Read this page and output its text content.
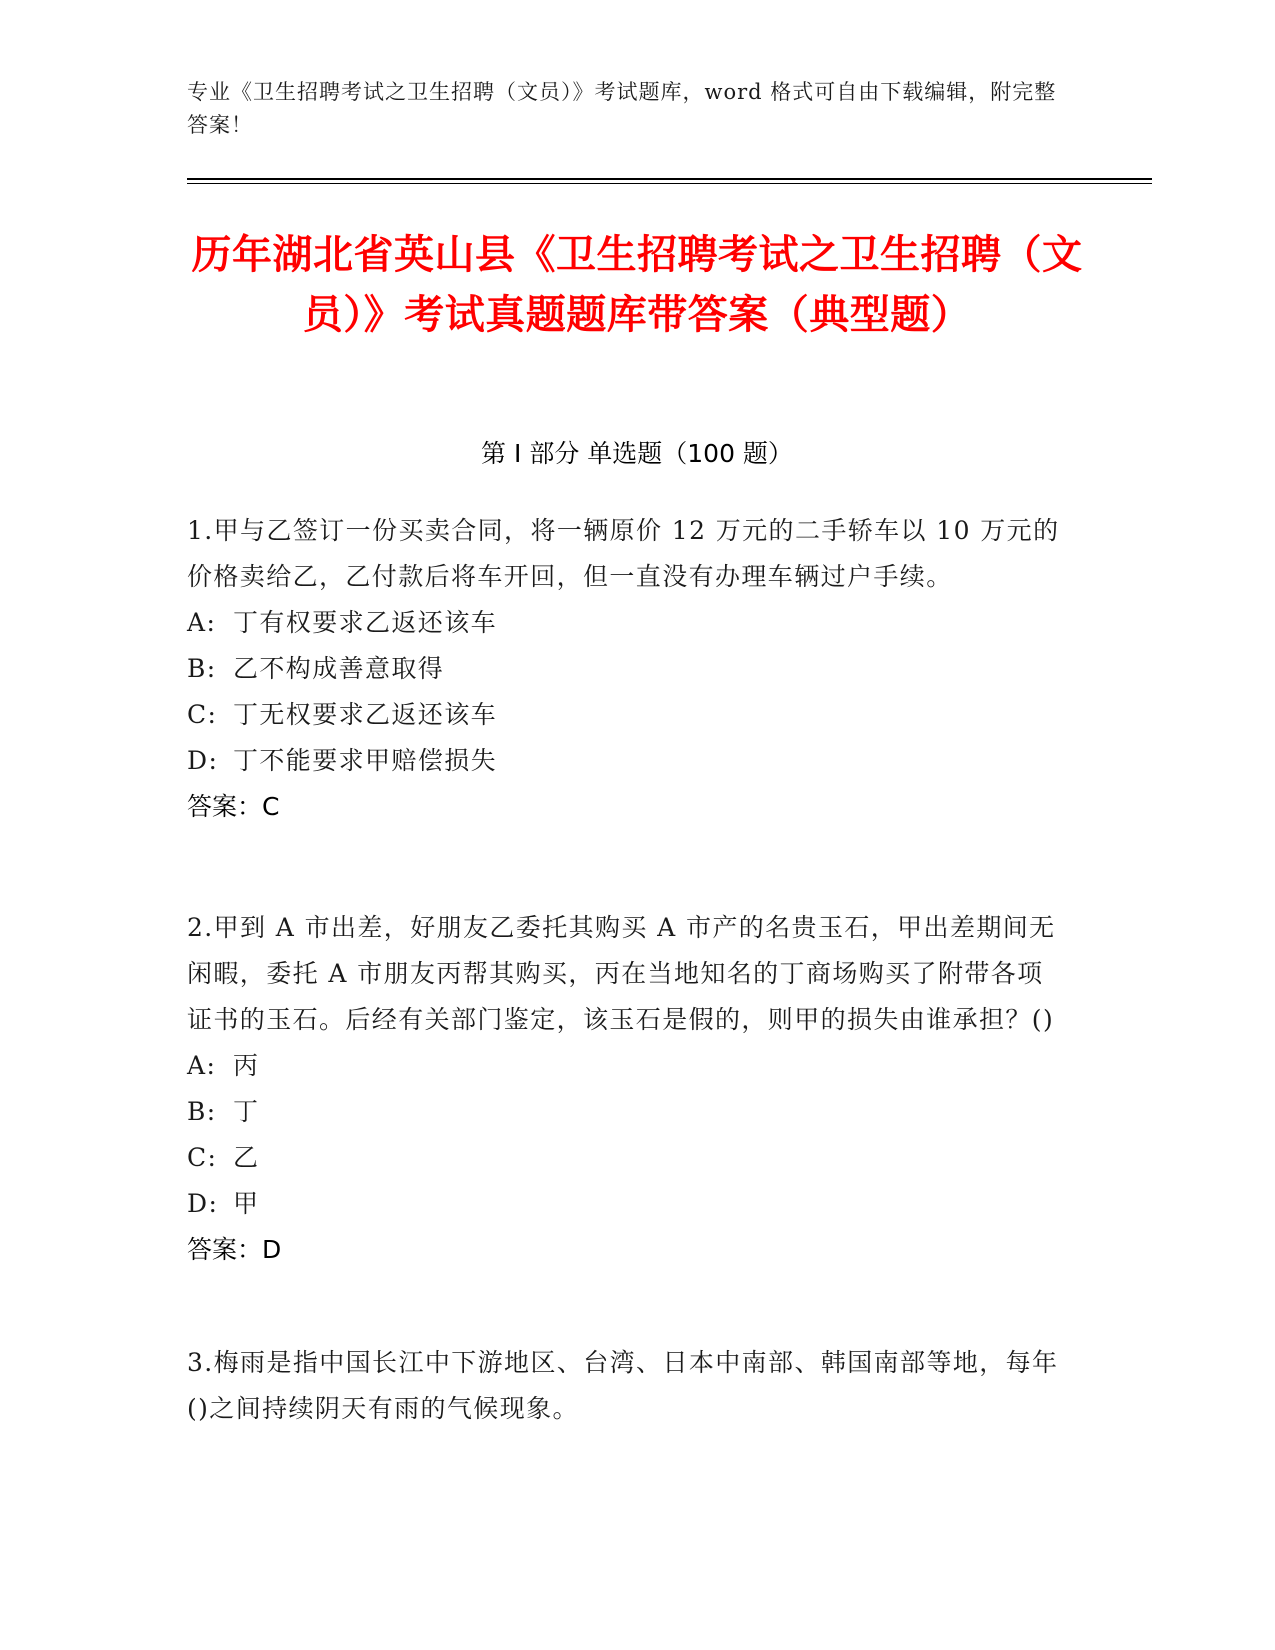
专业《卫生招聘考试之卫生招聘（文员）》考试题库，word 格式可自由下载编辑，附完整答案！
历年湖北省英山县《卫生招聘考试之卫生招聘（文员）》考试真题题库带答案（典型题）
第 I 部分 单选题（100 题）
1.甲与乙签订一份买卖合同，将一辆原价 12 万元的二手轿车以 10 万元的价格卖给乙，乙付款后将车开回，但一直没有办理车辆过户手续。
A: 丁有权要求乙返还该车
B: 乙不构成善意取得
C: 丁无权要求乙返还该车
D: 丁不能要求甲赔偿损失
答案：C
2.甲到 A 市出差，好朋友乙委托其购买 A 市产的名贵玉石，甲出差期间无闲暇，委托 A 市朋友丙帮其购买，丙在当地知名的丁商场购买了附带各项证书的玉石。后经有关部门鉴定，该玉石是假的，则甲的损失由谁承担？()
A: 丙
B: 丁
C: 乙
D: 甲
答案：D
3.梅雨是指中国长江中下游地区、台湾、日本中南部、韩国南部等地，每年()之间持续阴天有雨的气候现象。
